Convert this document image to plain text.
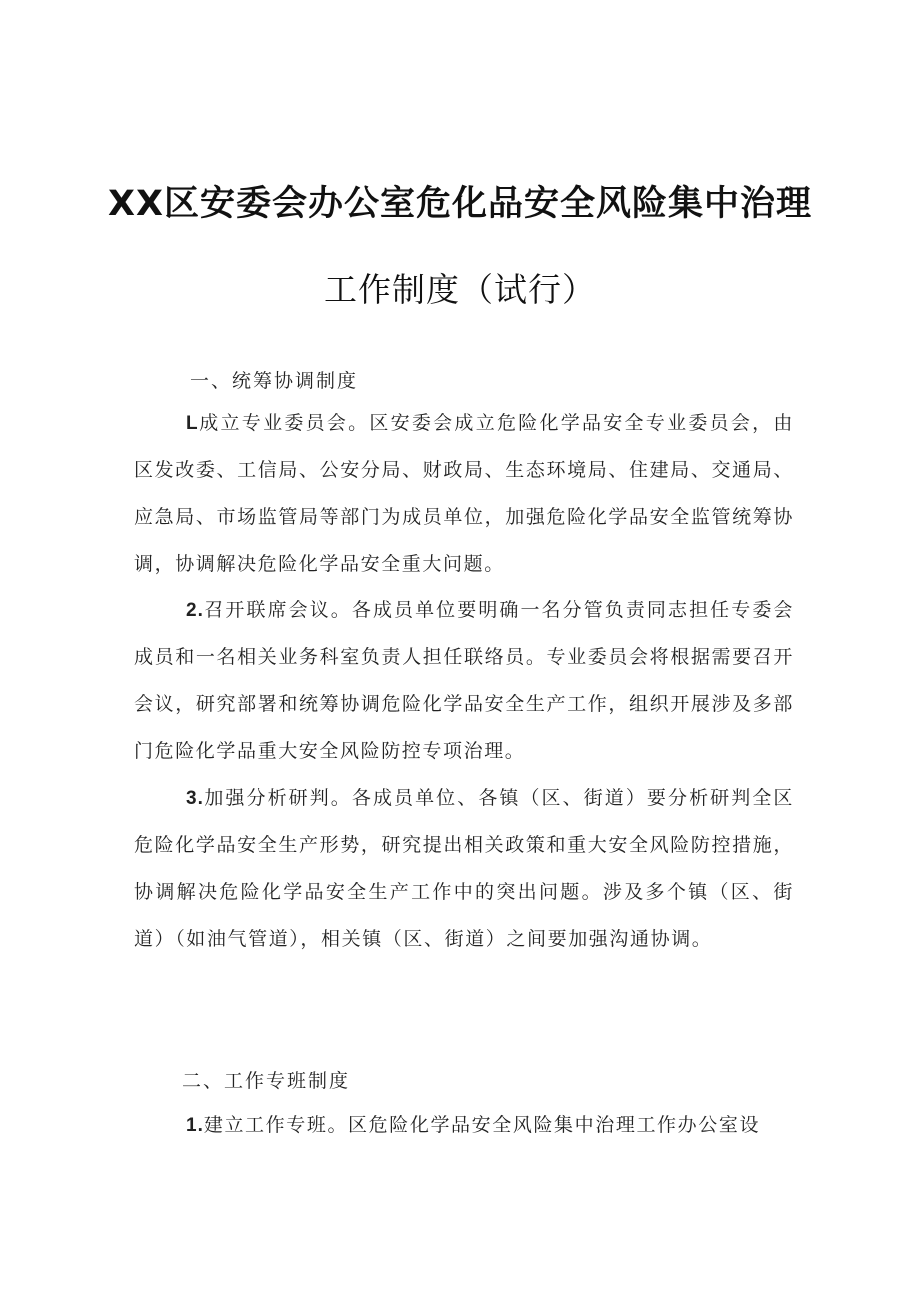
XX区安委会办公室危化品安全风险集中治理
工作制度（试行）
一、统筹协调制度
L成立专业委员会。区安委会成立危险化学品安全专业委员会，由区发改委、工信局、公安分局、财政局、生态环境局、住建局、交通局、应急局、市场监管局等部门为成员单位，加强危险化学品安全监管统筹协调，协调解决危险化学品安全重大问题。
2.召开联席会议。各成员单位要明确一名分管负责同志担任专委会成员和一名相关业务科室负责人担任联络员。专业委员会将根据需要召开会议，研究部署和统筹协调危险化学品安全生产工作，组织开展涉及多部门危险化学品重大安全风险防控专项治理。
3.加强分析研判。各成员单位、各镇（区、街道）要分析研判全区危险化学品安全生产形势，研究提出相关政策和重大安全风险防控措施，协调解决危险化学品安全生产工作中的突出问题。涉及多个镇（区、街道）（如油气管道），相关镇（区、街道）之间要加强沟通协调。
二、工作专班制度
1.建立工作专班。区危险化学品安全风险集中治理工作办公室设
